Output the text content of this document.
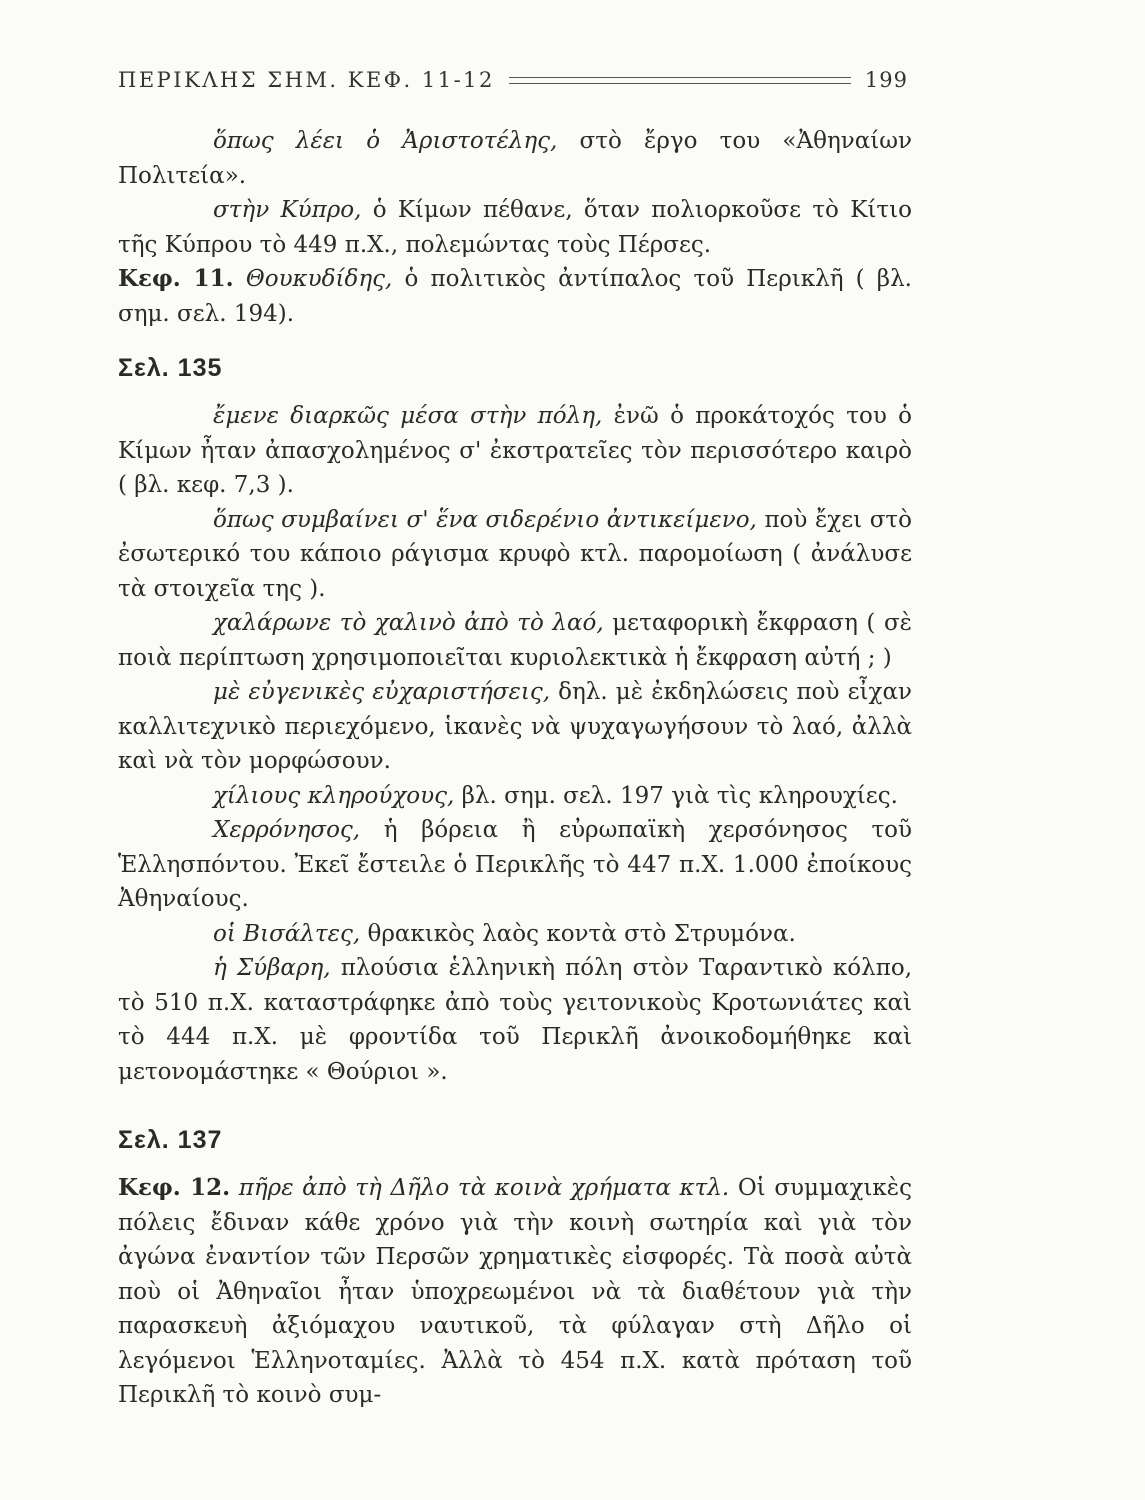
ΠΕΡΙΚΛΗΣ ΣΗΜ. ΚΕΦ. 11-12	199

ὅπως λέει ὁ Ἀριστοτέλης, στὸ ἔργο του «Ἀθηναίων Πολιτεία».

στὴν Κύπρο, ὁ Κίμων πέθανε, ὅταν πολιορκοῦσε τὸ Κίτιο τῆς Κύπρου τὸ 449 π.Χ., πολεμώντας τοὺς Πέρσες.

Κεφ. 11. Θουκυδίδης, ὁ πολιτικὸς ἀντίπαλος τοῦ Περικλῆ ( βλ. σημ. σελ. 194).

Σελ. 135

ἔμενε διαρκῶς μέσα στὴν πόλη, ἐνῶ ὁ προκάτοχός του ὁ Κίμων ἦταν ἀπασχολημένος σ' ἐκστρατεῖες τὸν περισσότερο καιρὸ ( βλ. κεφ. 7,3 ).

ὅπως συμβαίνει σ' ἕνα σιδερένιο ἀντικείμενο, ποὺ ἔχει στὸ ἐσωτερικό του κάποιο ράγισμα κρυφὸ κτλ. παρομοίωση ( ἀνάλυσε τὰ στοιχεῖα της ).

χαλάρωνε τὸ χαλινὸ ἀπὸ τὸ λαό, μεταφορικὴ ἔκφραση ( σὲ ποιὰ περίπτωση χρησιμοποιεῖται κυριολεκτικὰ ἡ ἔκφραση αὐτή ; )

μὲ εὐγενικὲς εὐχαριστήσεις, δηλ. μὲ ἐκδηλώσεις ποὺ εἶχαν καλλιτεχνικὸ περιεχόμενο, ἱκανὲς νὰ ψυχαγωγήσουν τὸ λαό, ἀλλὰ καὶ νὰ τὸν μορφώσουν.

χίλιους κληρούχους, βλ. σημ. σελ. 197 γιὰ τὶς κληρουχίες.

Χερρόνησος, ἡ βόρεια ἢ εὐρωπαϊκὴ χερσόνησος τοῦ Ἑλλησπόντου. Ἐκεῖ ἔστειλε ὁ Περικλῆς τὸ 447 π.Χ. 1.000 ἐποίκους Ἀθηναίους.

οἱ Βισάλτες, θρακικὸς λαὸς κοντὰ στὸ Στρυμόνα.

ἡ Σύβαρη, πλούσια ἑλληνικὴ πόλη στὸν Ταραντικὸ κόλπο, τὸ 510 π.Χ. καταστράφηκε ἀπὸ τοὺς γειτονικοὺς Κροτωνιάτες καὶ τὸ 444 π.Χ. μὲ φροντίδα τοῦ Περικλῆ ἀνοικοδομήθηκε καὶ μετονομάστηκε « Θούριοι ».

Σελ. 137

Κεφ. 12. πῆρε ἀπὸ τὴ Δῆλο τὰ κοινὰ χρήματα κτλ. Οἱ συμμαχικὲς πόλεις ἔδιναν κάθε χρόνο γιὰ τὴν κοινὴ σωτηρία καὶ γιὰ τὸν ἀγώνα ἐναντίον τῶν Περσῶν χρηματικὲς εἰσφορές. Τὰ ποσὰ αὐτὰ ποὺ οἱ Ἀθηναῖοι ἦταν ὑποχρεωμένοι νὰ τὰ διαθέτουν γιὰ τὴν παρασκευὴ ἀξιόμαχου ναυτικοῦ, τὰ φύλαγαν στὴ Δῆλο οἱ λεγόμενοι Ἑλληνοταμίες. Ἀλλὰ τὸ 454 π.Χ. κατὰ πρόταση τοῦ Περικλῆ τὸ κοινὸ συμ-
